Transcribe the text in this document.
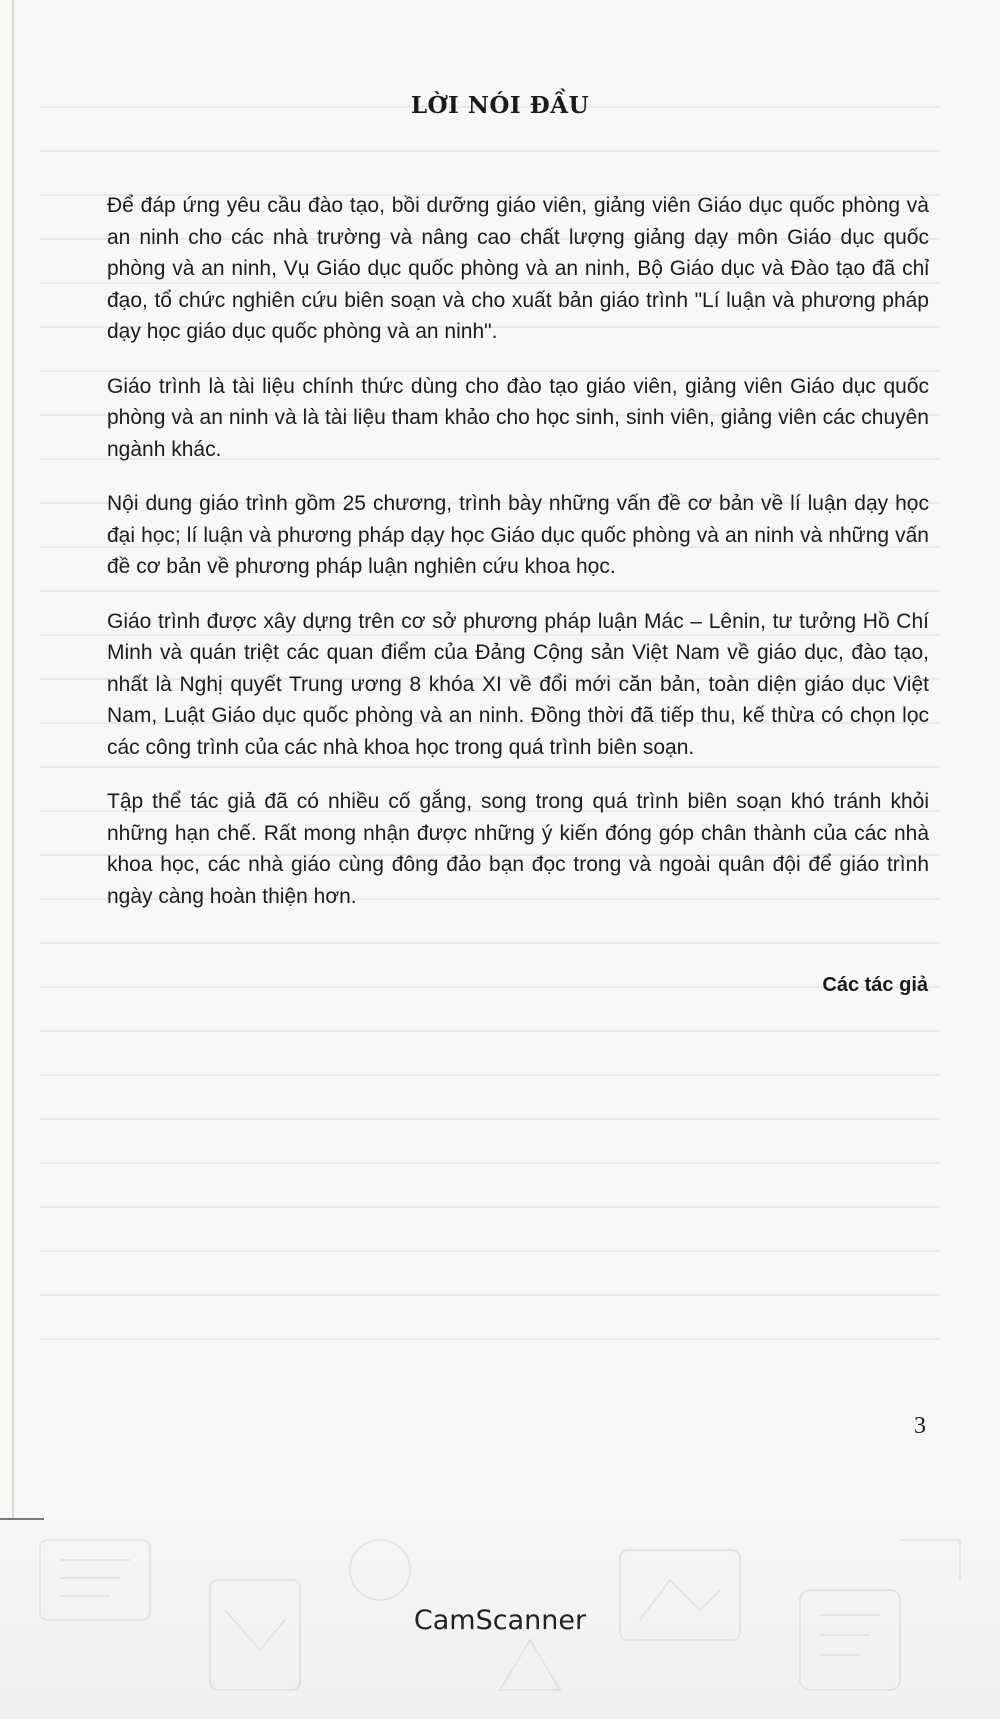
LỜI NÓI ĐẦU

Để đáp ứng yêu cầu đào tạo, bồi dưỡng giáo viên, giảng viên Giáo dục quốc phòng và an ninh cho các nhà trường và nâng cao chất lượng giảng dạy môn Giáo dục quốc phòng và an ninh, Vụ Giáo dục quốc phòng và an ninh, Bộ Giáo dục và Đào tạo đã chỉ đạo, tổ chức nghiên cứu biên soạn và cho xuất bản giáo trình "Lí luận và phương pháp dạy học giáo dục quốc phòng và an ninh".

Giáo trình là tài liệu chính thức dùng cho đào tạo giáo viên, giảng viên Giáo dục quốc phòng và an ninh và là tài liệu tham khảo cho học sinh, sinh viên, giảng viên các chuyên ngành khác.

Nội dung giáo trình gồm 25 chương, trình bày những vấn đề cơ bản về lí luận dạy học đại học; lí luận và phương pháp dạy học Giáo dục quốc phòng và an ninh và những vấn đề cơ bản về phương pháp luận nghiên cứu khoa học.

Giáo trình được xây dựng trên cơ sở phương pháp luận Mác – Lênin, tư tưởng Hồ Chí Minh và quán triệt các quan điểm của Đảng Cộng sản Việt Nam về giáo dục, đào tạo, nhất là Nghị quyết Trung ương 8 khóa XI về đổi mới căn bản, toàn diện giáo dục Việt Nam, Luật Giáo dục quốc phòng và an ninh. Đồng thời đã tiếp thu, kế thừa có chọn lọc các công trình của các nhà khoa học trong quá trình biên soạn.

Tập thể tác giả đã có nhiều cố gắng, song trong quá trình biên soạn khó tránh khỏi những hạn chế. Rất mong nhận được những ý kiến đóng góp chân thành của các nhà khoa học, các nhà giáo cùng đông đảo bạn đọc trong và ngoài quân đội để giáo trình ngày càng hoàn thiện hơn.

Các tác giả
3
CamScanner
